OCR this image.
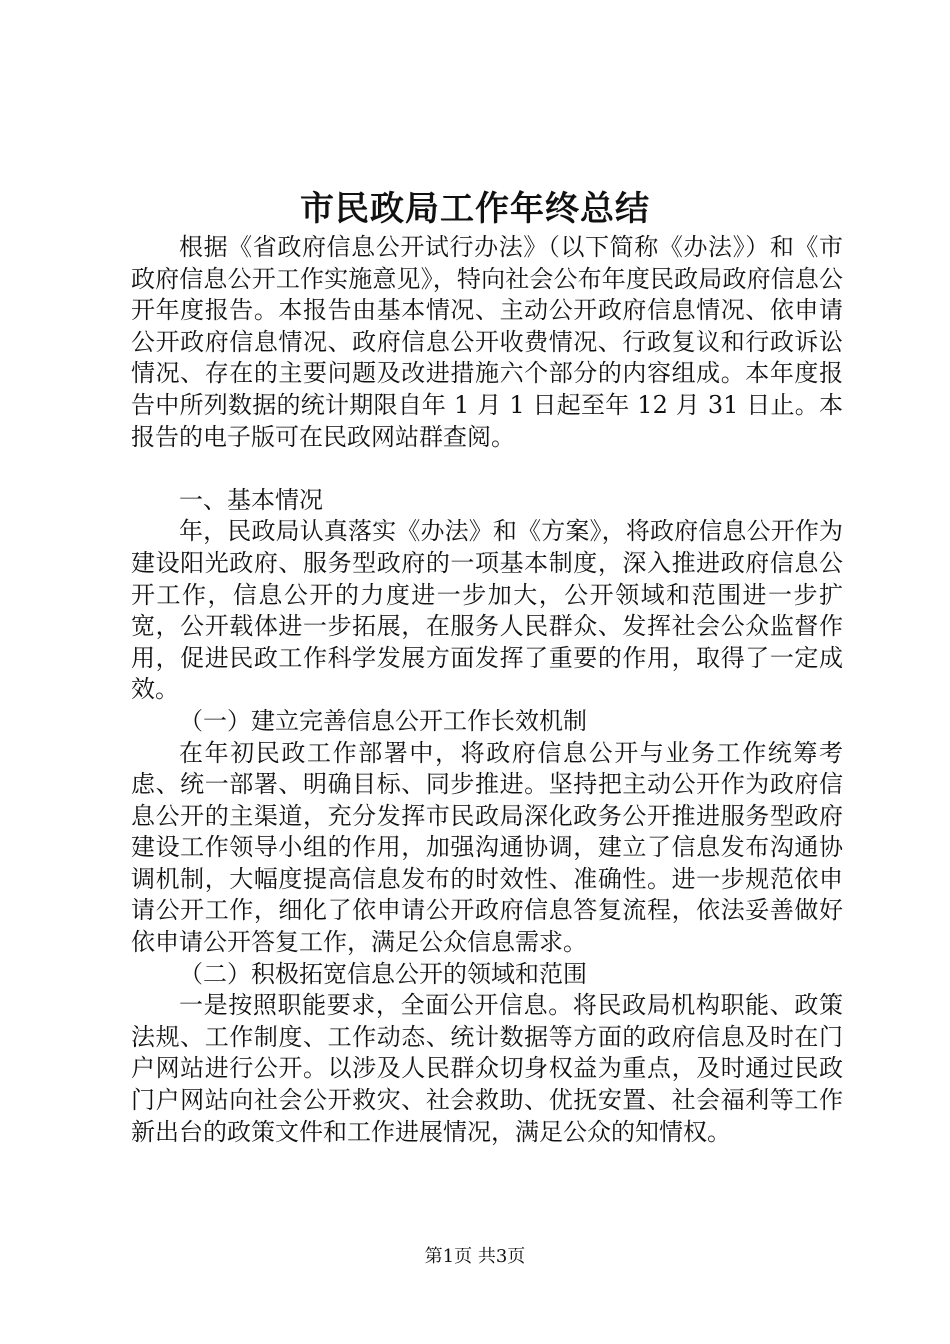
市民政局工作年终总结

根据《省政府信息公开试行办法》（以下简称《办法》）和《市政府信息公开工作实施意见》，特向社会公布年度民政局政府信息公开年度报告。本报告由基本情况、主动公开政府信息情况、依申请公开政府信息情况、政府信息公开收费情况、行政复议和行政诉讼情况、存在的主要问题及改进措施六个部分的内容组成。本年度报告中所列数据的统计期限自年 1 月 1 日起至年 12 月 31 日止。本报告的电子版可在民政网站群查阅。

一、基本情况

年，民政局认真落实《办法》和《方案》，将政府信息公开作为建设阳光政府、服务型政府的一项基本制度，深入推进政府信息公开工作，信息公开的力度进一步加大，公开领域和范围进一步扩宽，公开载体进一步拓展，在服务人民群众、发挥社会公众监督作用，促进民政工作科学发展方面发挥了重要的作用，取得了一定成效。

（一）建立完善信息公开工作长效机制

在年初民政工作部署中，将政府信息公开与业务工作统筹考虑、统一部署、明确目标、同步推进。坚持把主动公开作为政府信息公开的主渠道，充分发挥市民政局深化政务公开推进服务型政府建设工作领导小组的作用，加强沟通协调，建立了信息发布沟通协调机制，大幅度提高信息发布的时效性、准确性。进一步规范依申请公开工作，细化了依申请公开政府信息答复流程，依法妥善做好依申请公开答复工作，满足公众信息需求。

（二）积极拓宽信息公开的领域和范围

一是按照职能要求，全面公开信息。将民政局机构职能、政策法规、工作制度、工作动态、统计数据等方面的政府信息及时在门户网站进行公开。以涉及人民群众切身权益为重点，及时通过民政门户网站向社会公开救灾、社会救助、优抚安置、社会福利等工作新出台的政策文件和工作进展情况，满足公众的知情权。

第1页 共3页
